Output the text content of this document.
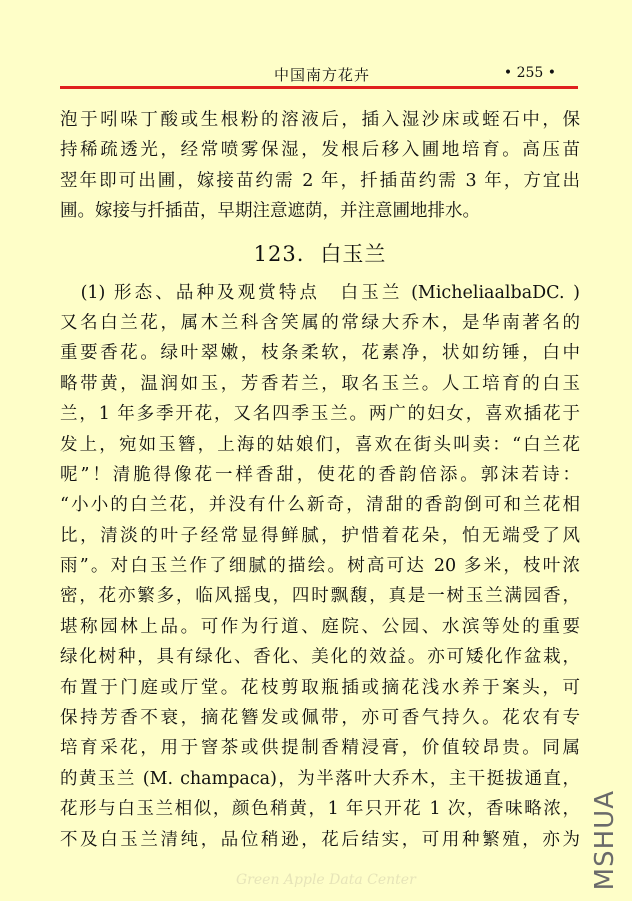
中国南方花卉	• 255 •
泡于吲哚丁酸或生根粉的溶液后，插入湿沙床或蛭石中，保
持稀疏透光，经常喷雾保湿，发根后移入圃地培育。高压苗
翌年即可出圃，嫁接苗约需 2 年，扦插苗约需 3 年，方宜出
圃。嫁接与扦插苗，早期注意遮荫，并注意圃地排水。
123. 白玉兰
　(1) 形态、品种及观赏特点　白玉兰 (MicheliaalbaDC. )
又名白兰花，属木兰科含笑属的常绿大乔木，是华南著名的
重要香花。绿叶翠嫩，枝条柔软，花素净，状如纺锤，白中
略带黄，温润如玉，芳香若兰，取名玉兰。人工培育的白玉
兰，1 年多季开花，又名四季玉兰。两广的妇女，喜欢插花于
发上，宛如玉簪，上海的姑娘们，喜欢在街头叫卖：“白兰花
呢”！清脆得像花一样香甜，使花的香韵倍添。郭沫若诗：
“小小的白兰花，并没有什么新奇，清甜的香韵倒可和兰花相
比，清淡的叶子经常显得鲜腻，护惜着花朵，怕无端受了风
雨”。对白玉兰作了细腻的描绘。树高可达 20 多米，枝叶浓
密，花亦繁多，临风摇曳，四时飘馥，真是一树玉兰满园香，
堪称园林上品。可作为行道、庭院、公园、水滨等处的重要
绿化树种，具有绿化、香化、美化的效益。亦可矮化作盆栽，
布置于门庭或厅堂。花枝剪取瓶插或摘花浅水养于案头，可
保持芳香不衰，摘花簪发或佩带，亦可香气持久。花农有专
培育采花，用于窨茶或供提制香精浸膏，价值较昂贵。同属
的黄玉兰 (M. champaca)，为半落叶大乔木，主干挺拔通直，
花形与白玉兰相似，颜色稍黄，1 年只开花 1 次，香味略浓，
不及白玉兰清纯，品位稍逊，花后结实，可用种繁殖，亦为 MSHUA
Green Apple Data Center
